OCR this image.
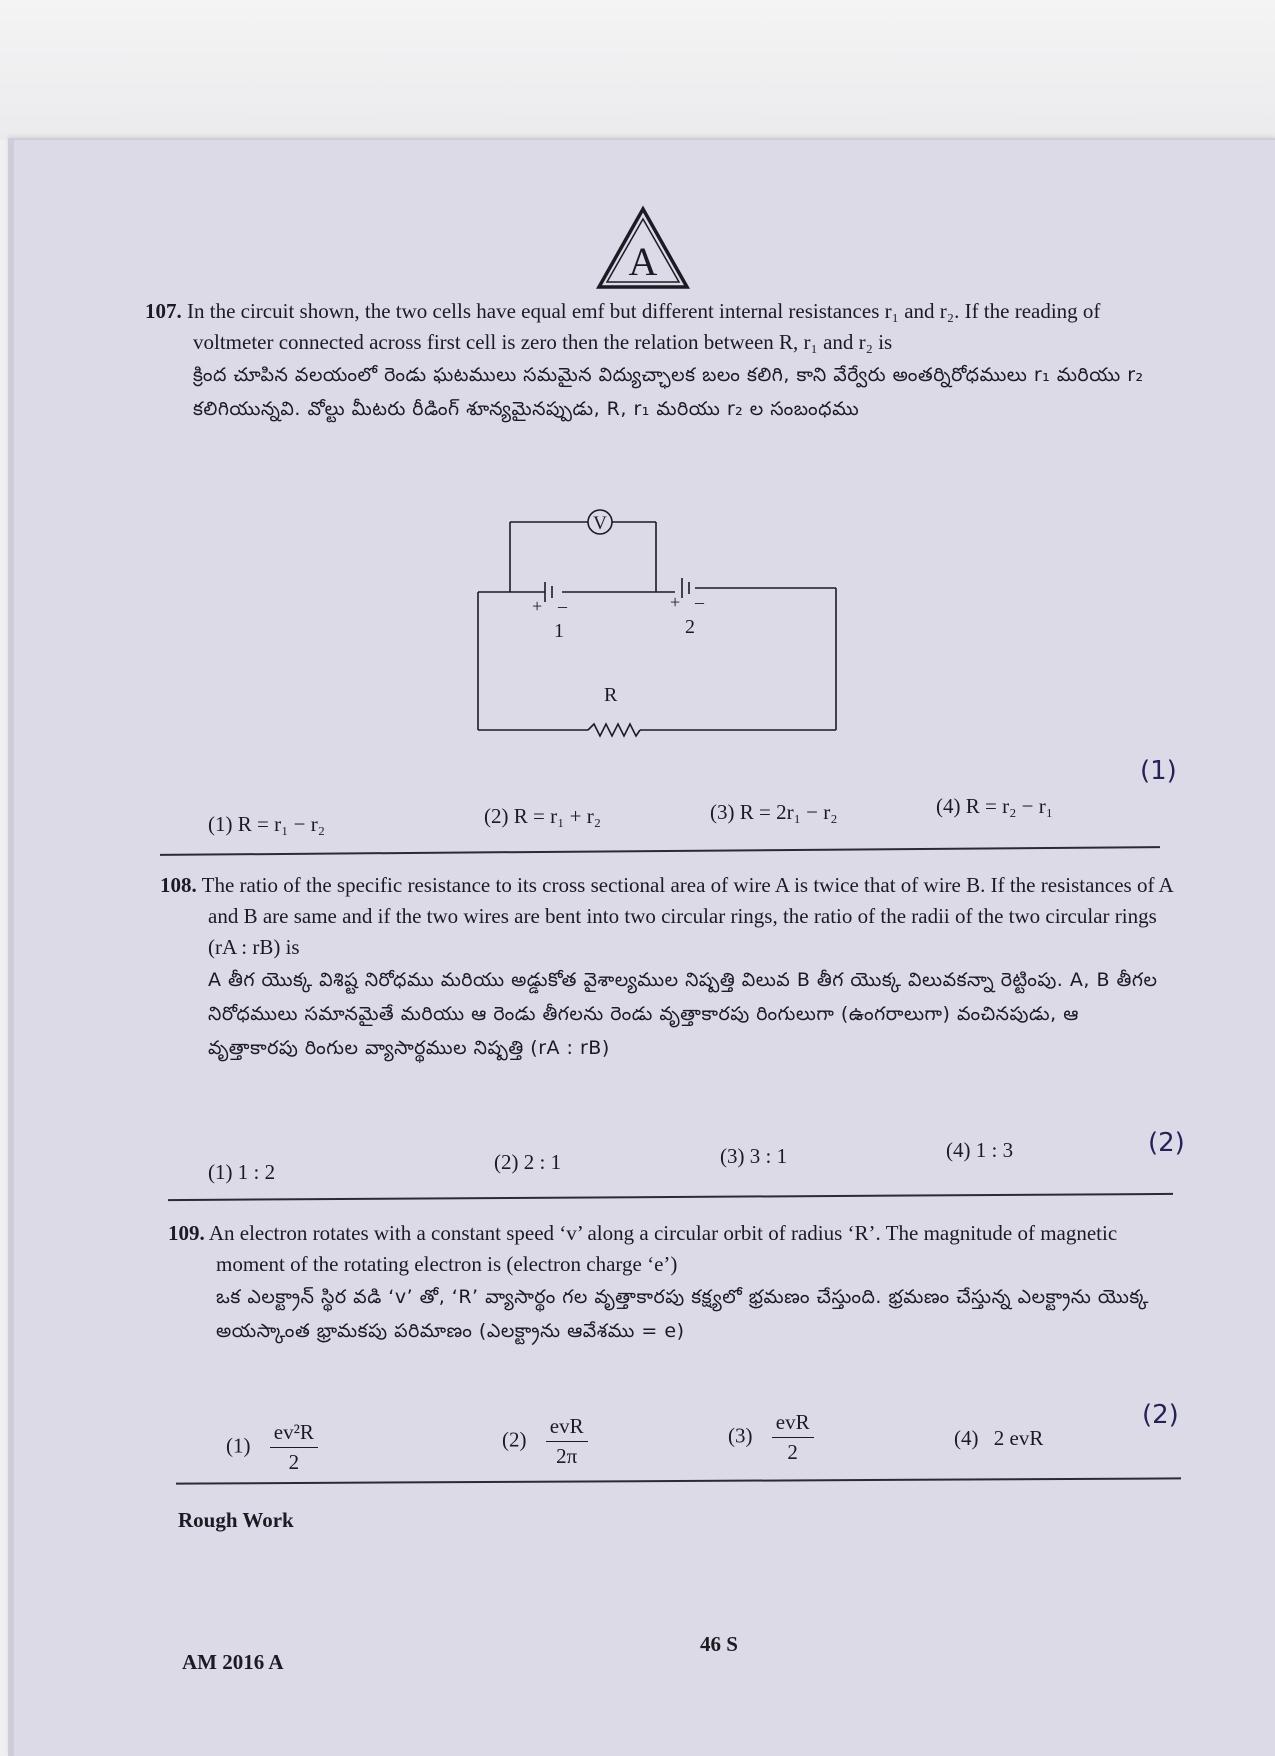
A
107. In the circuit shown, the two cells have equal emf but different internal resistances r₁ and r₂. If the reading of voltmeter connected across first cell is zero then the relation between R, r₁ and r₂ is
క్రింద చూపిన వలయంలో రెండు ఘటములు సమమైన విద్యుచ్ఛాలక బలం కలిగి, కాని వేర్వేరు అంతర్నిరోధములు r₁ మరియు r₂ కలిగియున్నవి. వోల్టు మీటరు రీడింగ్ శూన్యమైనప్పుడు, R, r₁ మరియు r₂ ల సంబంధము
V
+ –
1
+ –
2
R
(1) R = r₁ − r₂	(2) R = r₁ + r₂	(3) R = 2r₁ − r₂	(4) R = r₂ − r₁
(1)
108. The ratio of the specific resistance to its cross sectional area of wire A is twice that of wire B. If the resistances of A and B are same and if the two wires are bent into two circular rings, the ratio of the radii of the two circular rings (rA : rB) is
A తీగ యొక్క విశిష్ట నిరోధము మరియు అడ్డుకోత వైశాల్యముల నిష్పత్తి విలువ B తీగ యొక్క విలువకన్నా రెట్టింపు. A, B తీగల నిరోధములు సమానమైతే మరియు ఆ రెండు తీగలను రెండు వృత్తాకారపు రింగులుగా (ఉంగరాలుగా) వంచినపుడు, ఆ వృత్తాకారపు రింగుల వ్యాసార్థముల నిష్పత్తి (rA : rB)
(1) 1 : 2	(2) 2 : 1	(3) 3 : 1	(4) 1 : 3	(2)
109. An electron rotates with a constant speed ‘v’ along a circular orbit of radius ‘R’. The magnitude of magnetic moment of the rotating electron is (electron charge ‘e’)
ఒక ఎలక్ట్రాన్ స్థిర వడి ‘v’ తో, ‘R’ వ్యాసార్థం గల వృత్తాకారపు కక్ష్యలో భ్రమణం చేస్తుంది. భ్రమణం చేస్తున్న ఎలక్ట్రాను యొక్క అయస్కాంత భ్రామకపు పరిమాణం (ఎలక్ట్రాను ఆవేశము = e)
$(1) \frac{\text{ev²R}}{2}$	$(2) \frac{\text{evR}}{2\pi}$	$(3) \frac{\text{evR}}{2}$	(4) 2 evR
(2)
Rough Work
46 S
AM 2016 A
